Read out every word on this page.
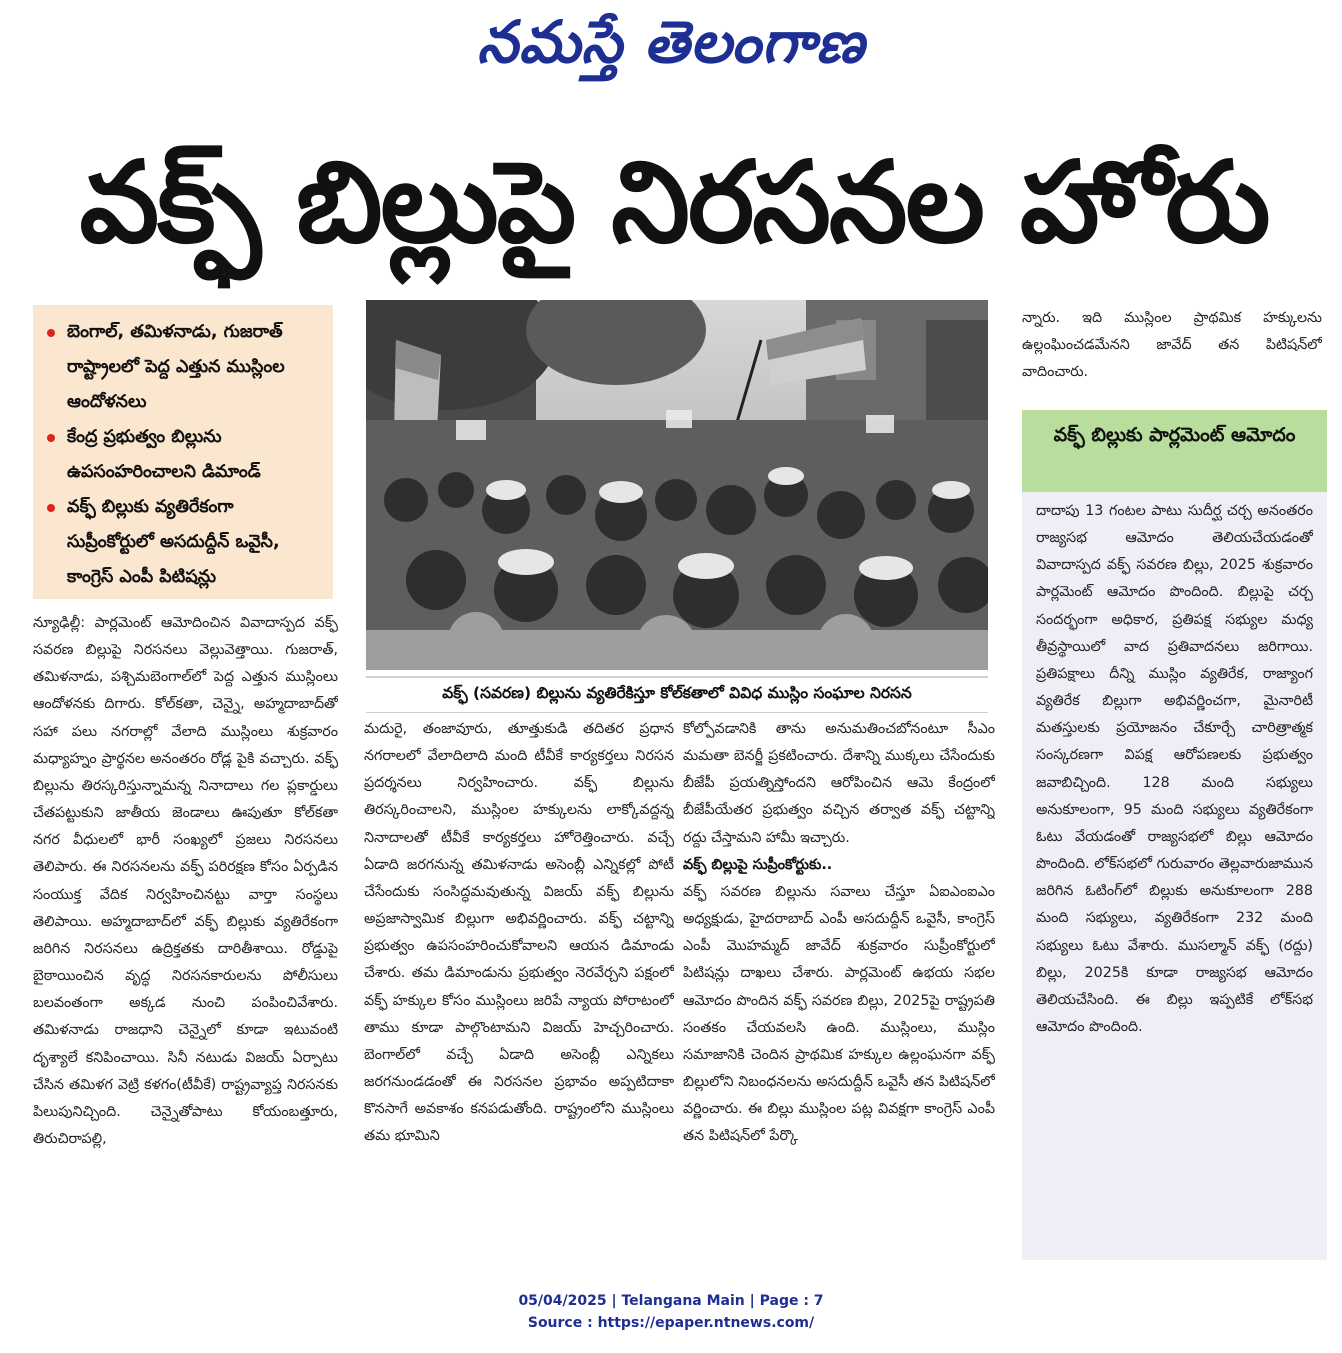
నమస్తే తెలంగాణ
వక్ఫ్ బిల్లుపై నిరసనల హోరు
బెంగాల్, తమిళనాడు, గుజరాత్ రాష్ట్రాలలో పెద్ద ఎత్తున ముస్లింల ఆందోళనలు
కేంద్ర ప్రభుత్వం బిల్లును ఉపసంహరించాలని డిమాండ్
వక్ఫ్ బిల్లుకు వ్యతిరేకంగా సుప్రీంకోర్టులో అసదుద్దీన్ ఒవైసీ, కాంగ్రెస్ ఎంపీ పిటిషన్లు
వక్ఫ్ (సవరణ) బిల్లును వ్యతిరేకిస్తూ కోల్‌కతాలో వివిధ ముస్లిం సంఘాల నిరసన

న్యూఢిల్లీ: పార్లమెంట్ ఆమోదించిన వివాదాస్పద వక్ఫ్ సవరణ బిల్లుపై నిరసనలు వెల్లువెత్తాయి. గుజరాత్, తమిళనాడు, పశ్చిమబెంగాల్‌లో పెద్ద ఎత్తున ముస్లింలు ఆందోళనకు దిగారు. కోల్‌కతా, చెన్నై, అహ్మదాబాద్‌తో సహా పలు నగరాల్లో వేలాది ముస్లింలు శుక్రవారం మధ్యాహ్నం ప్రార్థనల అనంతరం రోడ్ల పైకి వచ్చారు. వక్ఫ్ బిల్లును తిరస్కరిస్తున్నామన్న నినాదాలు గల ప్లకార్డులు చేతపట్టుకుని జాతీయ జెండాలు ఊపుతూ కోల్‌కతా నగర వీధులలో భారీ సంఖ్యలో ప్రజలు నిరసనలు తెలిపారు. ఈ నిరసనలను వక్ఫ్ పరిరక్షణ కోసం ఏర్పడిన సంయుక్త వేదిక నిర్వహించినట్టు వార్తా సంస్థలు తెలిపాయి. అహ్మదాబాద్‌లో వక్ఫ్ బిల్లుకు వ్యతిరేకంగా జరిగిన నిరసనలు ఉద్రిక్తతకు దారితీశాయి. రోడ్డుపై బైఠాయించిన వృద్ధ నిరసనకారులను పోలీసులు బలవంతంగా అక్కడ నుంచి పంపించివేశారు. తమిళనాడు రాజధాని చెన్నైలో కూడా ఇటువంటి దృశ్యాలే కనిపించాయి. సినీ నటుడు విజయ్ ఏర్పాటు చేసిన తమిళగ వెట్రి కళగం(టీవీకే) రాష్ట్రవ్యాప్త నిరసనకు పిలుపునిచ్చింది. చెన్నైతోపాటు కోయంబత్తూరు, తిరుచిరాపల్లి,

మదురై, తంజావూరు, తూత్తుకుడి తదితర ప్రధాన నగరాలలో వేలాదిలాది మంది టీవీకే కార్యకర్తలు నిరసన ప్రదర్శనలు నిర్వహించారు. వక్ఫ్ బిల్లును తిరస్కరించాలని, ముస్లింల హక్కులను లాక్కోవద్దన్న నినాదాలతో టీవీకే కార్యకర్తలు హోరెత్తించారు. వచ్చే ఏడాది జరగనున్న తమిళనాడు అసెంబ్లీ ఎన్నికల్లో పోటీ చేసేందుకు సంసిద్ధమవుతున్న విజయ్ వక్ఫ్ బిల్లును అప్రజాస్వామిక బిల్లుగా అభివర్ణించారు. వక్ఫ్ చట్టాన్ని ప్రభుత్వం ఉపసంహరించుకోవాలని ఆయన డిమాండు చేశారు. తమ డిమాండును ప్రభుత్వం నెరవేర్చని పక్షంలో వక్ఫ్ హక్కుల కోసం ముస్లింలు జరిపే న్యాయ పోరాటంలో తాము కూడా పాల్గొంటామని విజయ్ హెచ్చరించారు. బెంగాల్‌లో వచ్చే ఏడాది అసెంబ్లీ ఎన్నికలు జరగనుండడంతో ఈ నిరసనల ప్రభావం అప్పటిదాకా కొనసాగే అవకాశం కనపడుతోంది. రాష్ట్రంలోని ముస్లింలు తమ భూమిని

కోల్పోవడానికి తాను అనుమతించబోనంటూ సీఎం మమతా బెనర్జీ ప్రకటించారు. దేశాన్ని ముక్కలు చేసేందుకు బీజేపీ ప్రయత్నిస్తోందని ఆరోపించిన ఆమె కేంద్రంలో బీజేపీయేతర ప్రభుత్వం వచ్చిన తర్వాత వక్ఫ్ చట్టాన్ని రద్దు చేస్తామని హామీ ఇచ్చారు.

వక్ఫ్ బిల్లుపై సుప్రీంకోర్టుకు..

వక్ఫ్ సవరణ బిల్లును సవాలు చేస్తూ ఏఐఎంఐఎం అధ్యక్షుడు, హైదరాబాద్ ఎంపీ అసదుద్దీన్ ఒవైసీ, కాంగ్రెస్ ఎంపీ మొహమ్మద్ జావేద్ శుక్రవారం సుప్రీంకోర్టులో పిటిషన్లు దాఖలు చేశారు. పార్లమెంట్ ఉభయ సభల ఆమోదం పొందిన వక్ఫ్ సవరణ బిల్లు, 2025పై రాష్ట్రపతి సంతకం చేయవలసి ఉంది. ముస్లింలు, ముస్లిం సమాజానికి చెందిన ప్రాథమిక హక్కుల ఉల్లంఘనగా వక్ఫ్ బిల్లులోని నిబంధనలను అసదుద్దీన్ ఒవైసీ తన పిటిషన్‌లో వర్ణించారు. ఈ బిల్లు ముస్లింల పట్ల వివక్షగా కాంగ్రెస్ ఎంపీ తన పిటిషన్‌లో పేర్కొ

న్నారు. ఇది ముస్లింల ప్రాథమిక హక్కులను ఉల్లంఘించడమేనని జావేద్ తన పిటిషన్‌లో వాదించారు.

వక్ఫ్ బిల్లుకు పార్లమెంట్ ఆమోదం

దాదాపు 13 గంటల పాటు సుదీర్ఘ చర్చ అనంతరం రాజ్యసభ ఆమోదం తెలియచేయడంతో వివాదాస్పద వక్ఫ్ సవరణ బిల్లు, 2025 శుక్రవారం పార్లమెంట్ ఆమోదం పొందింది. బిల్లుపై చర్చ సందర్భంగా అధికార, ప్రతిపక్ష సభ్యుల మధ్య తీవ్రస్థాయిలో వాద ప్రతివాదనలు జరిగాయి. ప్రతిపక్షాలు దీన్ని ముస్లిం వ్యతిరేక, రాజ్యాంగ వ్యతిరేక బిల్లుగా అభివర్ణించగా, మైనారిటీ మతస్తులకు ప్రయోజనం చేకూర్చే చారిత్రాత్మక సంస్కరణగా విపక్ష ఆరోపణలకు ప్రభుత్వం జవాబిచ్చింది. 128 మంది సభ్యులు అనుకూలంగా, 95 మంది సభ్యులు వ్యతిరేకంగా ఓటు వేయడంతో రాజ్యసభలో బిల్లు ఆమోదం పొందింది. లోక్‌సభలో గురువారం తెల్లవారుజామున జరిగిన ఓటింగ్‌లో బిల్లుకు అనుకూలంగా 288 మంది సభ్యులు, వ్యతిరేకంగా 232 మంది సభ్యులు ఓటు వేశారు. ముసల్మాన్ వక్ఫ్ (రద్దు) బిల్లు, 2025కి కూడా రాజ్యసభ ఆమోదం తెలియచేసింది. ఈ బిల్లు ఇప్పటికే లోక్‌సభ ఆమోదం పొందింది.

05/04/2025 | Telangana Main | Page : 7
Source : https://epaper.ntnews.com/
